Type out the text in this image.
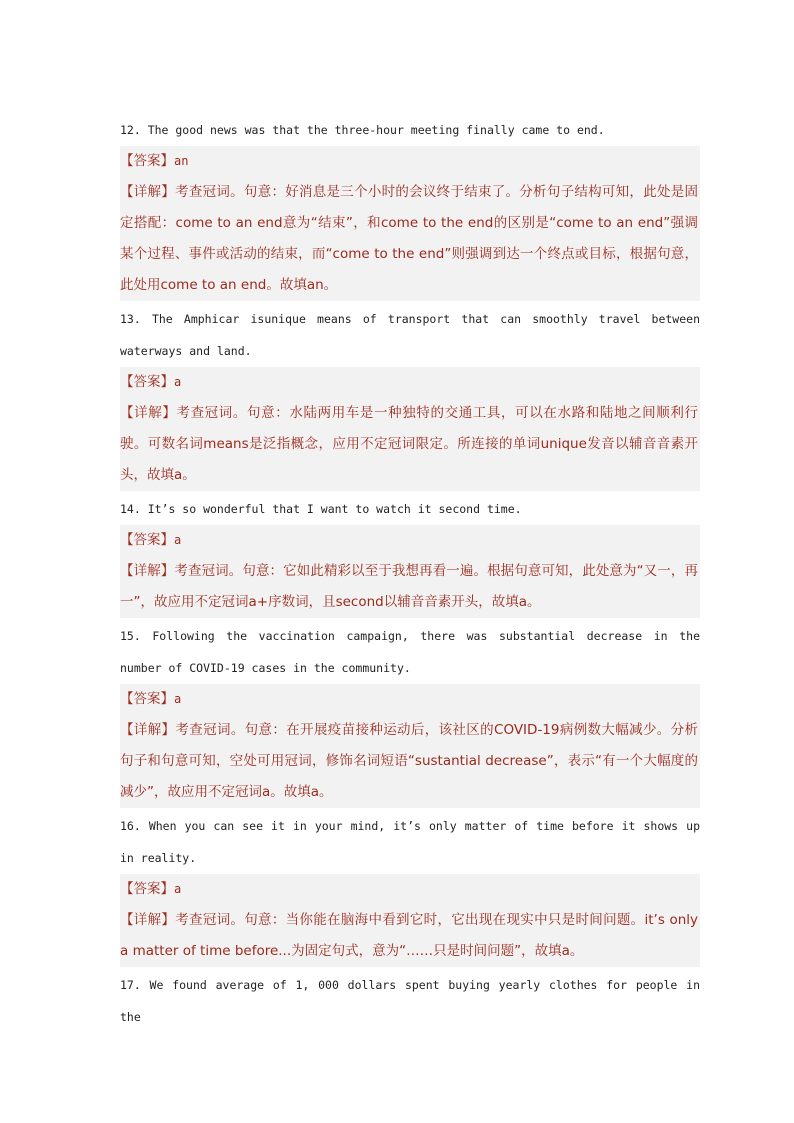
12. The good news was that the three-hour meeting finally came to end.

【答案】an

【详解】考查冠词。句意：好消息是三个小时的会议终于结束了。分析句子结构可知，此处是固定搭配：come to an end意为“结束”，和come to the end的区别是“come to an end”强调某个过程、事件或活动的结束，而“come to the end”则强调到达一个终点或目标，根据句意，此处用come to an end。故填an。

13. The Amphicar isunique means of transport that can smoothly travel between waterways and land.

【答案】a

【详解】考查冠词。句意：水陆两用车是一种独特的交通工具，可以在水路和陆地之间顺利行驶。可数名词means是泛指概念，应用不定冠词限定。所连接的单词unique发音以辅音音素开头，故填a。

14. It’s so wonderful that I want to watch it second time.

【答案】a

【详解】考查冠词。句意：它如此精彩以至于我想再看一遍。根据句意可知，此处意为“又一，再一”，故应用不定冠词a+序数词，且second以辅音音素开头，故填a。

15. Following the vaccination campaign, there was substantial decrease in the number of COVID-19 cases in the community.

【答案】a

【详解】考查冠词。句意：在开展疫苗接种运动后，该社区的COVID-19病例数大幅减少。分析句子和句意可知，空处可用冠词，修饰名词短语“sustantial decrease”，表示“有一个大幅度的减少”，故应用不定冠词a。故填a。

16. When you can see it in your mind, it’s only matter of time before it shows up in reality.

【答案】a

【详解】考查冠词。句意：当你能在脑海中看到它时，它出现在现实中只是时间问题。it’s only a matter of time before...为固定句式，意为“……只是时间问题”，故填a。

17. We found average of 1, 000 dollars spent buying yearly clothes for people in the
